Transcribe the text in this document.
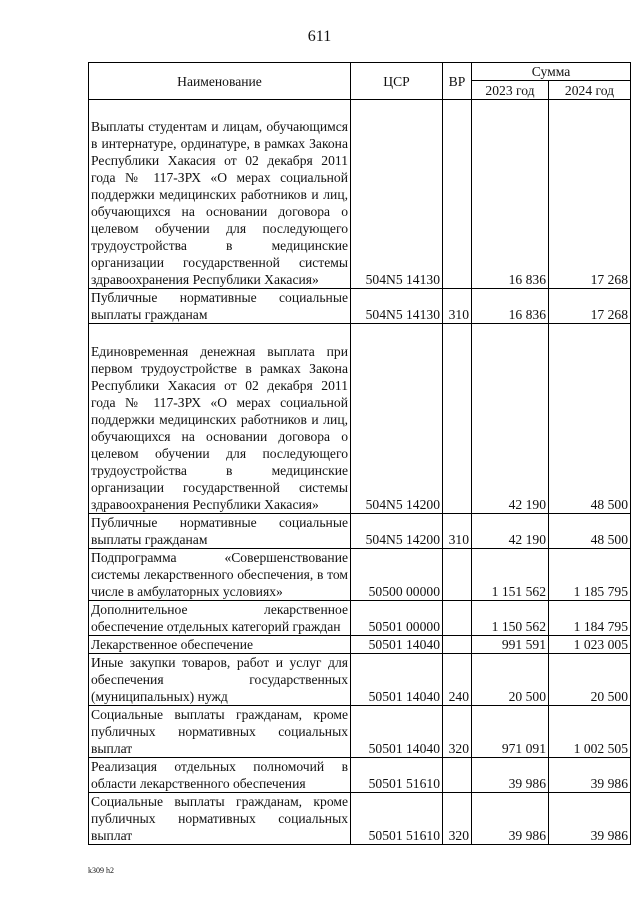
611
Наименование	ЦСР	ВР	Сумма	
			2023 год	2024 год
Выплаты студентам и лицам, обучающимся в интернатуре, ординатуре, в рамках Закона Республики Хакасия от 02 декабря 2011 года № 117-ЗРХ «О мерах социальной поддержки медицинских работников и лиц, обучающихся на основании договора о целевом обучении для последующего трудоустройства в медицинские организации государственной системы здравоохранения Республики Хакасия»	504N5 14130		16 836	17 268
Публичные нормативные социальные выплаты гражданам	504N5 14130	310	16 836	17 268
Единовременная денежная выплата при первом трудоустройстве в рамках Закона Республики Хакасия от 02 декабря 2011 года № 117-ЗРХ «О мерах социальной поддержки медицинских работников и лиц, обучающихся на основании договора о целевом обучении для последующего трудоустройства в медицинские организации государственной системы здравоохранения Республики Хакасия»	504N5 14200		42 190	48 500
Публичные нормативные социальные выплаты гражданам	504N5 14200	310	42 190	48 500
Подпрограмма «Совершенствование системы лекарственного обеспечения, в том числе в амбулаторных условиях»	50500 00000		1 151 562	1 185 795
Дополнительное лекарственное обеспечение отдельных категорий граждан	50501 00000		1 150 562	1 184 795
Лекарственное обеспечение	50501 14040		991 591	1 023 005
Иные закупки товаров, работ и услуг для обеспечения государственных (муниципальных) нужд	50501 14040	240	20 500	20 500
Социальные выплаты гражданам, кроме публичных нормативных социальных выплат	50501 14040	320	971 091	1 002 505
Реализация отдельных полномочий в области лекарственного обеспечения	50501 51610		39 986	39 986
Социальные выплаты гражданам, кроме публичных нормативных социальных выплат	50501 51610	320	39 986	39 986
k309 h2
